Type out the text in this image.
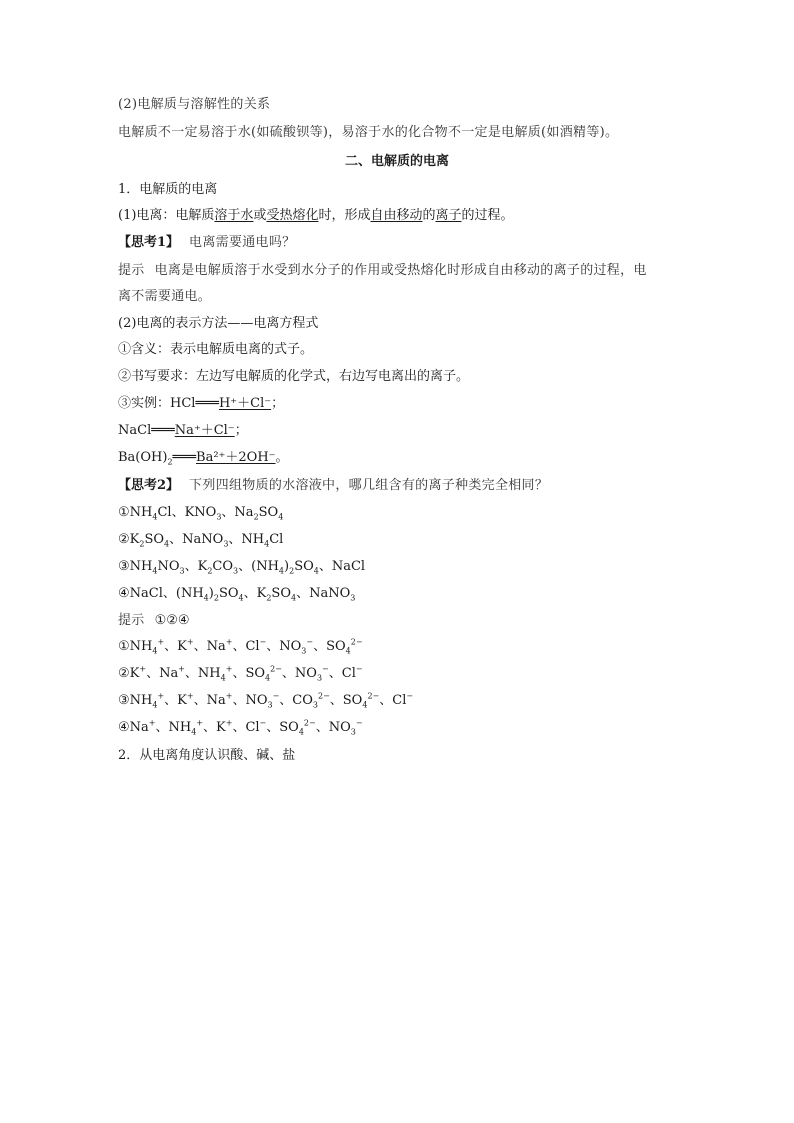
(2)电解质与溶解性的关系
电解质不一定易溶于水(如硫酸钡等)，易溶于水的化合物不一定是电解质(如酒精等)。
二、电解质的电离
1．电解质的电离
(1)电离：电解质溶于水或受热熔化时，形成自由移动的离子的过程。
【思考1】 电离需要通电吗？
提示 电离是电解质溶于水受到水分子的作用或受热熔化时形成自由移动的离子的过程，电
离不需要通电。
(2)电离的表示方法——电离方程式
①含义：表示电解质电离的式子。
②书写要求：左边写电解质的化学式，右边写电离出的离子。
③实例：HCl═══H⁺＋Cl⁻；
NaCl═══Na⁺＋Cl⁻；
$Ba(OH)_2═══Ba^{2+}+2OH^-$。
【思考2】 下列四组物质的水溶液中，哪几组含有的离子种类完全相同？
$①NH_4Cl$、$KNO_3$、$Na_2SO_4$
$②K_2SO_4$、NaNO$_3$、$NH_4Cl$
$③NH_4NO_3$、$K_2CO_3$、$(NH_4)_2SO_4$、NaCl
④NaCl、$(NH_4)_2SO_4$、$K_2SO_4$、NaNO$_3$
提示 ①②④
$①NH_4^+$、K+、Na+、Cl−、$NO_3^-$、$SO_4^{2-}$
②K+、Na+、$NH_4^+$、$SO_4^{2-}$、$NO_3^-$、Cl−
$③NH_4^+$、K+、Na+、$NO_3^-$、$CO_3^{2-}$、$SO_4^{2-}$、Cl−
④Na+、$NH_4^+$、K+、Cl−、$SO_4^{2-}$、$NO_3^-$
2．从电离角度认识酸、碱、盐
